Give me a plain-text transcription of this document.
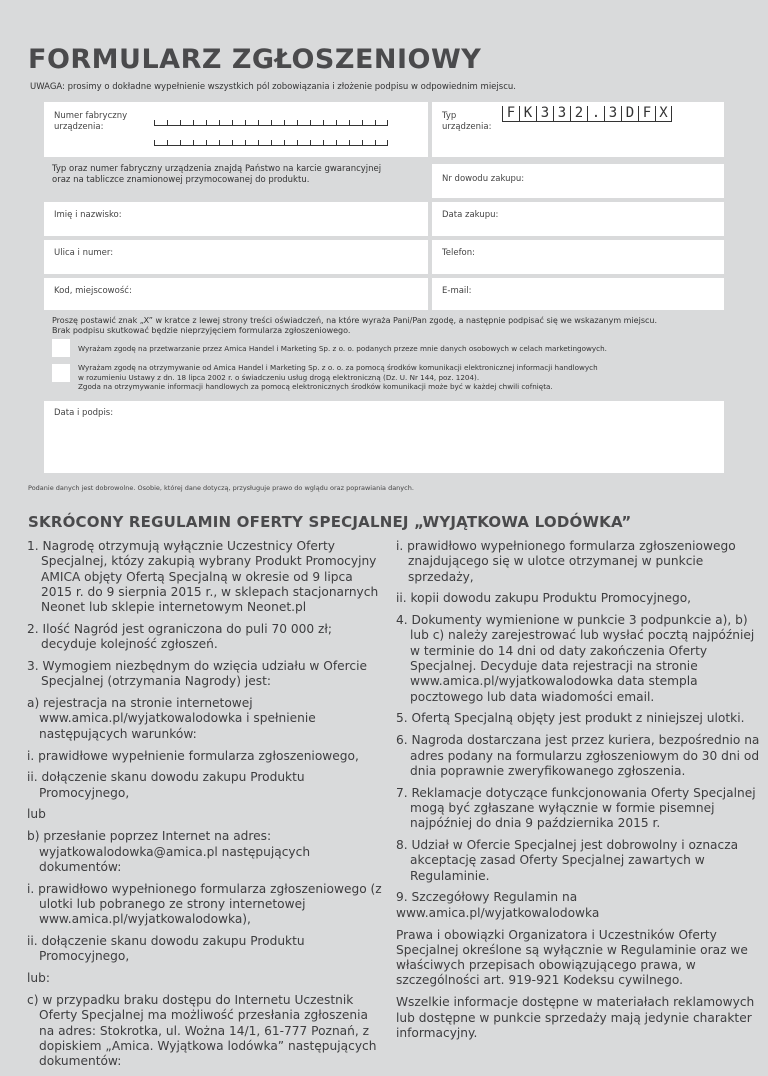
FORMULARZ ZGŁOSZENIOWY
UWAGA: prosimy o dokładne wypełnienie wszystkich pól zobowiązania i złożenie podpisu w odpowiednim miejscu.
Numer fabryczny
urządzenia:
Typ
urządzenia:
F K 3 3 2 . 3 D F X
Typ oraz numer fabryczny urządzenia znajdą Państwo na karcie gwarancyjnej
oraz na tabliczce znamionowej przymocowanej do produktu.	Nr dowodu zakupu:
Imię i nazwisko:	Data zakupu:
Ulica i numer:	Telefon:
Kod, miejscowość:	E-mail:
Proszę postawić znak „X” w kratce z lewej strony treści oświadczeń, na które wyraża Pani/Pan zgodę, a następnie podpisać się we wskazanym miejscu.
Brak podpisu skutkować będzie nieprzyjęciem formularza zgłoszeniowego.
Wyrażam zgodę na przetwarzanie przez Amica Handel i Marketing Sp. z o. o. podanych przeze mnie danych osobowych w celach marketingowych.
Wyrażam zgodę na otrzymywanie od Amica Handel i Marketing Sp. z o. o. za pomocą środków komunikacji elektronicznej informacji handlowych
w rozumieniu Ustawy z dn. 18 lipca 2002 r. o świadczeniu usług drogą elektroniczną (Dz. U. Nr 144, poz. 1204).
Zgoda na otrzymywanie informacji handlowych za pomocą elektronicznych środków komunikacji może być w każdej chwili cofnięta.
Data i podpis:
Podanie danych jest dobrowolne. Osobie, której dane dotyczą, przysługuje prawo do wglądu oraz poprawiania danych.
SKRÓCONY REGULAMIN OFERTY SPECJALNEJ „WYJĄTKOWA LODÓWKA”
1. Nagrodę otrzymują wyłącznie Uczestnicy Oferty Specjalnej, któzy zakupią wybrany Produkt Promocyjny AMICA objęty Ofertą Specjalną w okresie od 9 lipca 2015 r. do 9 sierpnia 2015 r., w sklepach stacjonarnych Neonet lub sklepie internetowym Neonet.pl
2. Ilość Nagród jest ograniczona do puli 70 000 zł; decyduje kolejność zgłoszeń.
3. Wymogiem niezbędnym do wzięcia udziału w Ofercie Specjalnej (otrzymania Nagrody) jest:
a) rejestracja na stronie internetowej www.amica.pl/wyjatkowalodowka i spełnienie następujących warunków:
i. prawidłowe wypełnienie formularza zgłoszeniowego,
ii. dołączenie skanu dowodu zakupu Produktu Promocyjnego,
lub
b) przesłanie poprzez Internet na adres: wyjatkowalodowka@amica.pl następujących dokumentów:
i. prawidłowo wypełnionego formularza zgłoszeniowego (z ulotki lub pobranego ze strony internetowej www.amica.pl/wyjatkowalodowka),
ii. dołączenie skanu dowodu zakupu Produktu Promocyjnego,
lub:
c) w przypadku braku dostępu do Internetu Uczestnik Oferty Specjalnej ma możliwość przesłania zgłoszenia na adres: Stokrotka, ul. Wożna 14/1, 61-777 Poznań, z dopiskiem „Amica. Wyjątkowa lodówka” następujących dokumentów:
i. prawidłowo wypełnionego formularza zgłoszeniowego znajdującego się w ulotce otrzymanej w punkcie sprzedaży,
ii. kopii dowodu zakupu Produktu Promocyjnego,
4. Dokumenty wymienione w punkcie 3 podpunkcie a), b) lub c) należy zarejestrować lub wysłać pocztą najpóźniej w terminie do 14 dni od daty zakończenia Oferty Specjalnej. Decyduje data rejestracji na stronie www.amica.pl/wyjatkowalodowka data stempla pocztowego lub data wiadomości email.
5. Ofertą Specjalną objęty jest produkt z niniejszej ulotki.
6. Nagroda dostarczana jest przez kuriera, bezpośrednio na adres podany na formularzu zgłoszeniowym do 30 dni od dnia poprawnie zweryfikowanego zgłoszenia.
7. Reklamacje dotyczące funkcjonowania Oferty Specjalnej mogą być zgłaszane wyłącznie w formie pisemnej najpóźniej do dnia 9 października 2015 r.
8. Udział w Ofercie Specjalnej jest dobrowolny i oznacza akceptację zasad Oferty Specjalnej zawartych w Regulaminie.
9. Szczegółowy Regulamin na www.amica.pl/wyjatkowalodowka
Prawa i obowiązki Organizatora i Uczestników Oferty Specjalnej określone są wyłącznie w Regulaminie oraz we właściwych przepisach obowiązującego prawa, w szczególności art. 919-921 Kodeksu cywilnego.
Wszelkie informacje dostępne w materiałach reklamowych lub dostępne w punkcie sprzedaży mają jedynie charakter informacyjny.
